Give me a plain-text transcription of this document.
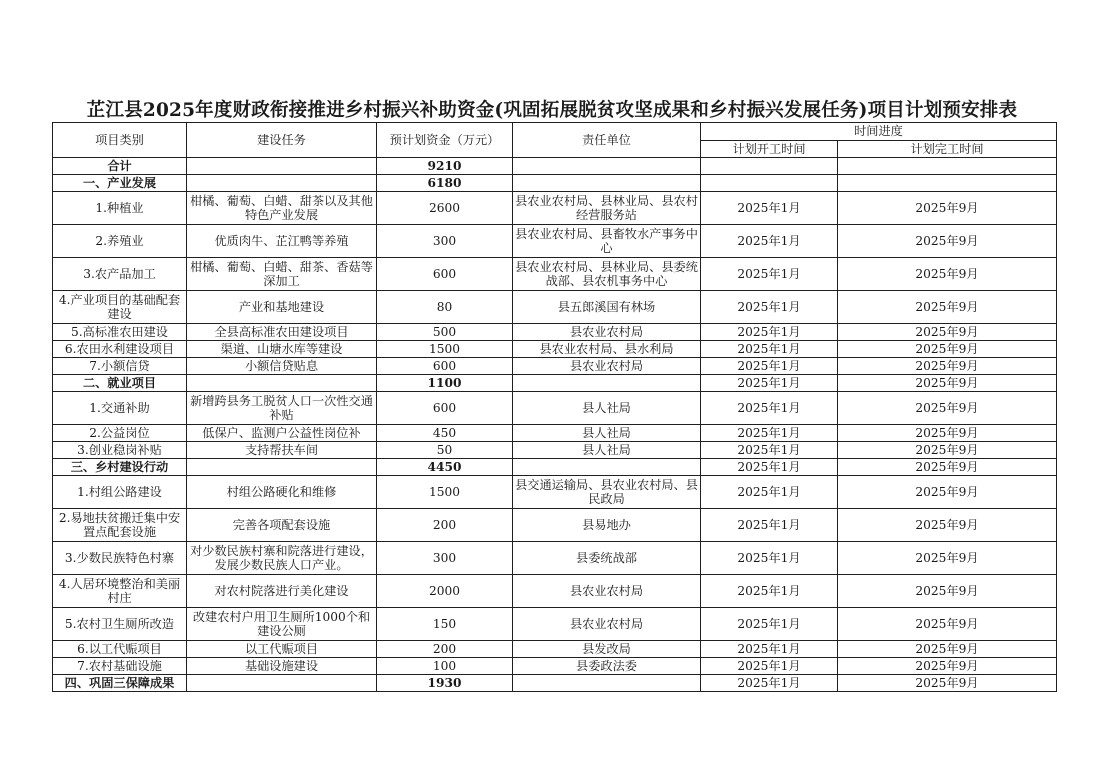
芷江县2025年度财政衔接推进乡村振兴补助资金(巩固拓展脱贫攻坚成果和乡村振兴发展任务)项目计划预安排表
项目类别	建设任务	预计划资金（万元）	责任单位	时间进度	
				计划开工时间	计划完工时间
合计		9210			
一、产业发展		6180			
1.种植业	柑橘、葡萄、白蜡、甜茶以及其他特色产业发展	2600	县农业农村局、县林业局、县农村经营服务站	2025年1月	2025年9月
2.养殖业	优质肉牛、芷江鸭等养殖	300	县农业农村局、县畜牧水产事务中心	2025年1月	2025年9月
3.农产品加工	柑橘、葡萄、白蜡、甜茶、香菇等深加工	600	县农业农村局、县林业局、县委统战部、县农机事务中心	2025年1月	2025年9月
4.产业项目的基础配套建设	产业和基地建设	80	县五郎溪国有林场	2025年1月	2025年9月
5.高标准农田建设	全县高标准农田建设项目	500	县农业农村局	2025年1月	2025年9月
6.农田水利建设项目	渠道、山塘水库等建设	1500	县农业农村局、县水利局	2025年1月	2025年9月
7.小额信贷	小额信贷贴息	600	县农业农村局	2025年1月	2025年9月
二、就业项目		1100		2025年1月	2025年9月
1.交通补助	新增跨县务工脱贫人口一次性交通补贴	600	县人社局	2025年1月	2025年9月
2.公益岗位	低保户、监测户公益性岗位补	450	县人社局	2025年1月	2025年9月
3.创业稳岗补贴	支持帮扶车间	50	县人社局	2025年1月	2025年9月
三、乡村建设行动		4450		2025年1月	2025年9月
1.村组公路建设	村组公路硬化和维修	1500	县交通运输局、县农业农村局、县民政局	2025年1月	2025年9月
2.易地扶贫搬迁集中安置点配套设施	完善各项配套设施	200	县易地办	2025年1月	2025年9月
3.少数民族特色村寨	对少数民族村寨和院落进行建设，发展少数民族人口产业。	300	县委统战部	2025年1月	2025年9月
4.人居环境整治和美丽村庄	对农村院落进行美化建设	2000	县农业农村局	2025年1月	2025年9月
5.农村卫生厕所改造	改建农村户用卫生厕所1000个和建设公厕	150	县农业农村局	2025年1月	2025年9月
6.以工代赈项目	以工代赈项目	200	县发改局	2025年1月	2025年9月
7.农村基础设施	基础设施建设	100	县委政法委	2025年1月	2025年9月
四、巩固三保障成果		1930		2025年1月	2025年9月
